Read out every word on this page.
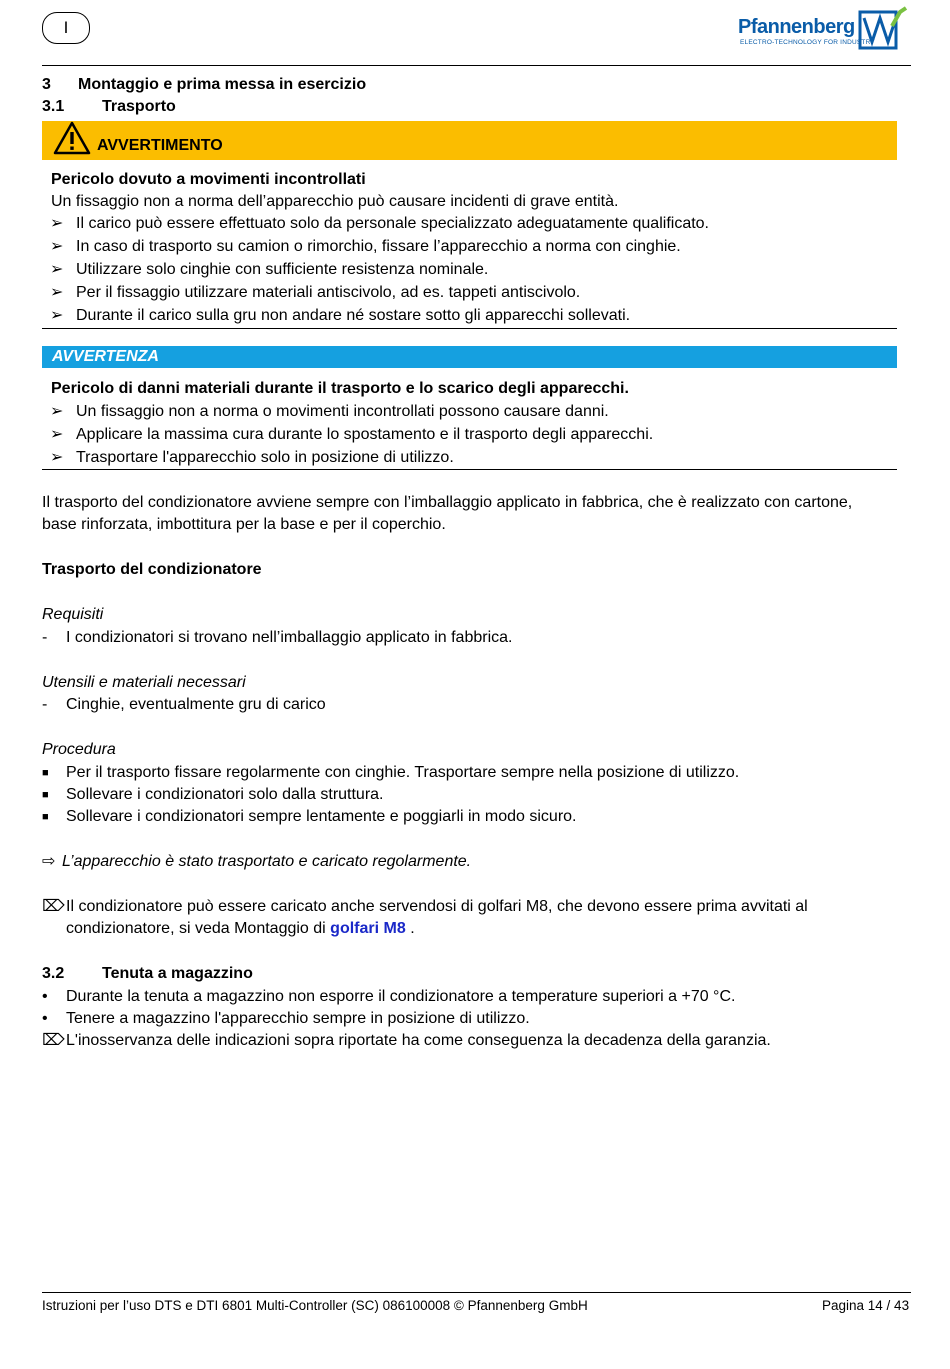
I	Pfannenberg
ELECTRO-TECHNOLOGY FOR INDUSTRY
3 Montaggio e prima messa in esercizio
3.1 Trasporto
AVVERTIMENTO
Pericolo dovuto a movimenti incontrollati
Un fissaggio non a norma dell’apparecchio può causare incidenti di grave entità.
➢ Il carico può essere effettuato solo da personale specializzato adeguatamente qualificato.
➢ In caso di trasporto su camion o rimorchio, fissare l’apparecchio a norma con cinghie.
➢ Utilizzare solo cinghie con sufficiente resistenza nominale.
➢ Per il fissaggio utilizzare materiali antiscivolo, ad es. tappeti antiscivolo.
➢ Durante il carico sulla gru non andare né sostare sotto gli apparecchi sollevati.
AVVERTENZA
Pericolo di danni materiali durante il trasporto e lo scarico degli apparecchi.
➢ Un fissaggio non a norma o movimenti incontrollati possono causare danni.
➢ Applicare la massima cura durante lo spostamento e il trasporto degli apparecchi.
➢ Trasportare l'apparecchio solo in posizione di utilizzo.
Il trasporto del condizionatore avviene sempre con l’imballaggio applicato in fabbrica, che è realizzato con cartone,
base rinforzata, imbottitura per la base e per il coperchio.
Trasporto del condizionatore
Requisiti
- I condizionatori si trovano nell’imballaggio applicato in fabbrica.
Utensili e materiali necessari
- Cinghie, eventualmente gru di carico
Procedura
■ Per il trasporto fissare regolarmente con cinghie. Trasportare sempre nella posizione di utilizzo.
■ Sollevare i condizionatori solo dalla struttura.
■ Sollevare i condizionatori sempre lentamente e poggiarli in modo sicuro.
⇨ L’apparecchio è stato trasportato e caricato regolarmente.
⌦ Il condizionatore può essere caricato anche servendosi di golfari M8, che devono essere prima avvitati al
condizionatore, si veda Montaggio di golfari M8 .
3.2 Tenuta a magazzino
• Durante la tenuta a magazzino non esporre il condizionatore a temperature superiori a +70 °C.
• Tenere a magazzino l'apparecchio sempre in posizione di utilizzo.
⌦ L'inosservanza delle indicazioni sopra riportate ha come conseguenza la decadenza della garanzia.
Istruzioni per l’uso DTS e DTI 6801 Multi-Controller (SC) 086100008 © Pfannenberg GmbH	Pagina 14 / 43
